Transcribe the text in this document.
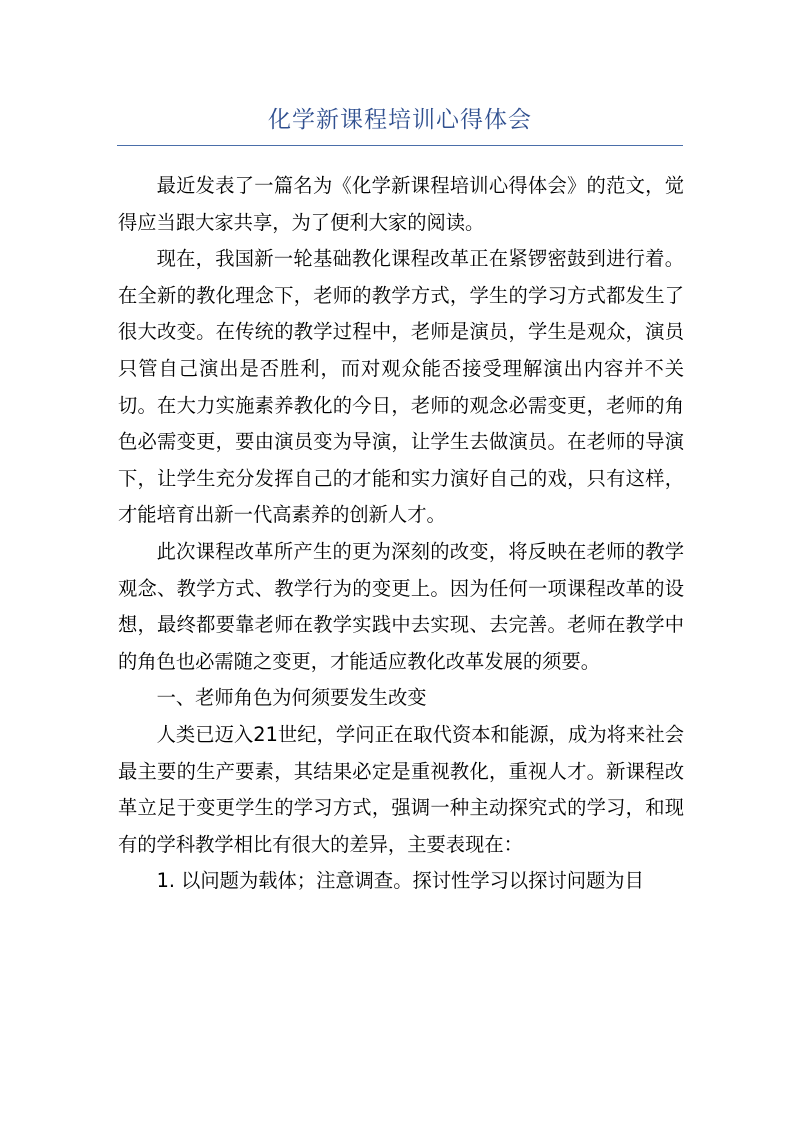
化学新课程培训心得体会

最近发表了一篇名为《化学新课程培训心得体会》的范文，觉得应当跟大家共享，为了便利大家的阅读。

现在，我国新一轮基础教化课程改革正在紧锣密鼓到进行着。在全新的教化理念下，老师的教学方式，学生的学习方式都发生了很大改变。在传统的教学过程中，老师是演员，学生是观众，演员只管自己演出是否胜利，而对观众能否接受理解演出内容并不关切。在大力实施素养教化的今日，老师的观念必需变更，老师的角色必需变更，要由演员变为导演，让学生去做演员。在老师的导演下，让学生充分发挥自己的才能和实力演好自己的戏，只有这样，才能培育出新一代高素养的创新人才。

此次课程改革所产生的更为深刻的改变，将反映在老师的教学观念、教学方式、教学行为的变更上。因为任何一项课程改革的设想，最终都要靠老师在教学实践中去实现、去完善。老师在教学中的角色也必需随之变更，才能适应教化改革发展的须要。

一、老师角色为何须要发生改变

人类已迈入21世纪，学问正在取代资本和能源，成为将来社会最主要的生产要素，其结果必定是重视教化，重视人才。新课程改革立足于变更学生的学习方式，强调一种主动探究式的学习，和现有的学科教学相比有很大的差异，主要表现在：

1. 以问题为载体；注意调查。探讨性学习以探讨问题为目
